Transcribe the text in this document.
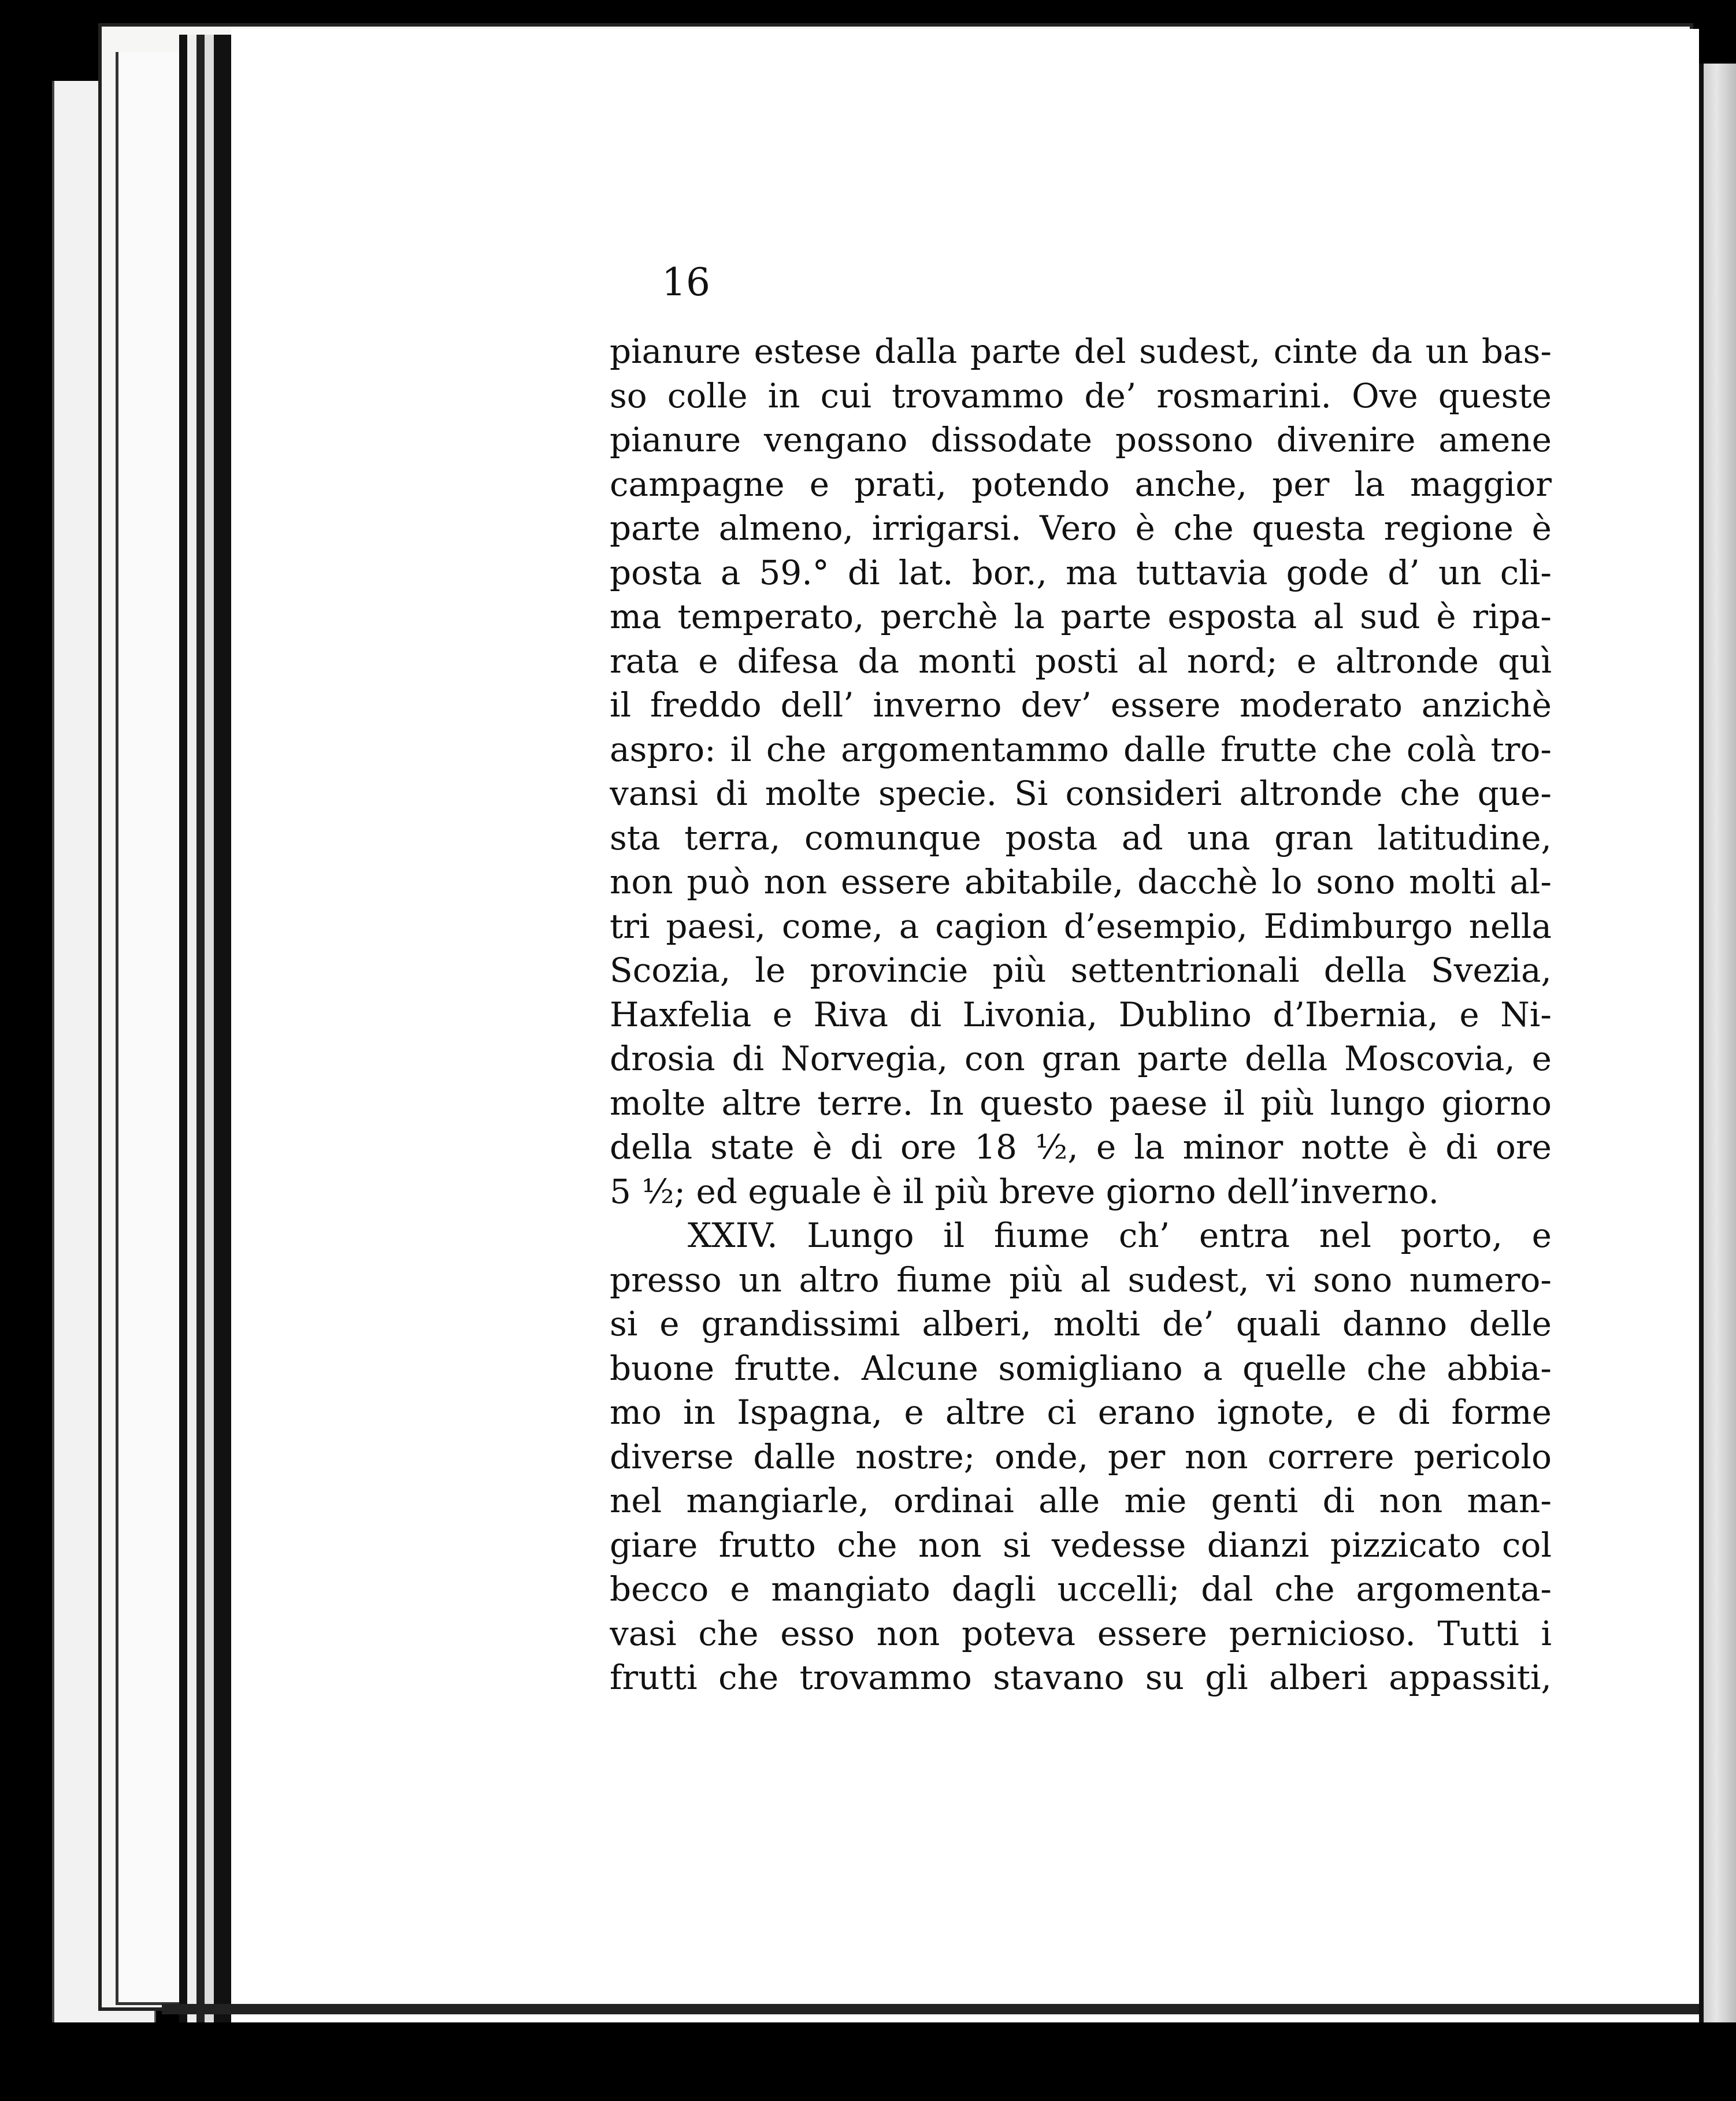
16
pianure estese dalla parte del sudest, cinte da un bas-
so colle in cui trovammo de’ rosmarini. Ove queste
pianure vengano dissodate possono divenire amene
campagne e prati, potendo anche, per la maggior
parte almeno, irrigarsi. Vero è che questa regione è
posta a 59.° di lat. bor., ma tuttavia gode d’ un cli-
ma temperato, perchè la parte esposta al sud è ripa-
rata e difesa da monti posti al nord; e altronde quì
il freddo dell’ inverno dev’ essere moderato anzichè
aspro: il che argomentammo dalle frutte che colà tro-
vansi di molte specie. Si consideri altronde che que-
sta terra, comunque posta ad una gran latitudine,
non può non essere abitabile, dacchè lo sono molti al-
tri paesi, come, a cagion d’esempio, Edimburgo nella
Scozia, le provincie più settentrionali della Svezia,
Haxfelia e Riva di Livonia, Dublino d’Ibernia, e Ni-
drosia di Norvegia, con gran parte della Moscovia, e
molte altre terre. In questo paese il più lungo giorno
della state è di ore 18 ½, e la minor notte è di ore
5 ½; ed eguale è il più breve giorno dell’inverno.
XXIV. Lungo il fiume ch’ entra nel porto, e
presso un altro fiume più al sudest, vi sono numero-
si e grandissimi alberi, molti de’ quali danno delle
buone frutte. Alcune somigliano a quelle che abbia-
mo in Ispagna, e altre ci erano ignote, e di forme
diverse dalle nostre; onde, per non correre pericolo
nel mangiarle, ordinai alle mie genti di non man-
giare frutto che non si vedesse dianzi pizzicato col
becco e mangiato dagli uccelli; dal che argomenta-
vasi che esso non poteva essere pernicioso. Tutti i
frutti che trovammo stavano su gli alberi appassiti,
